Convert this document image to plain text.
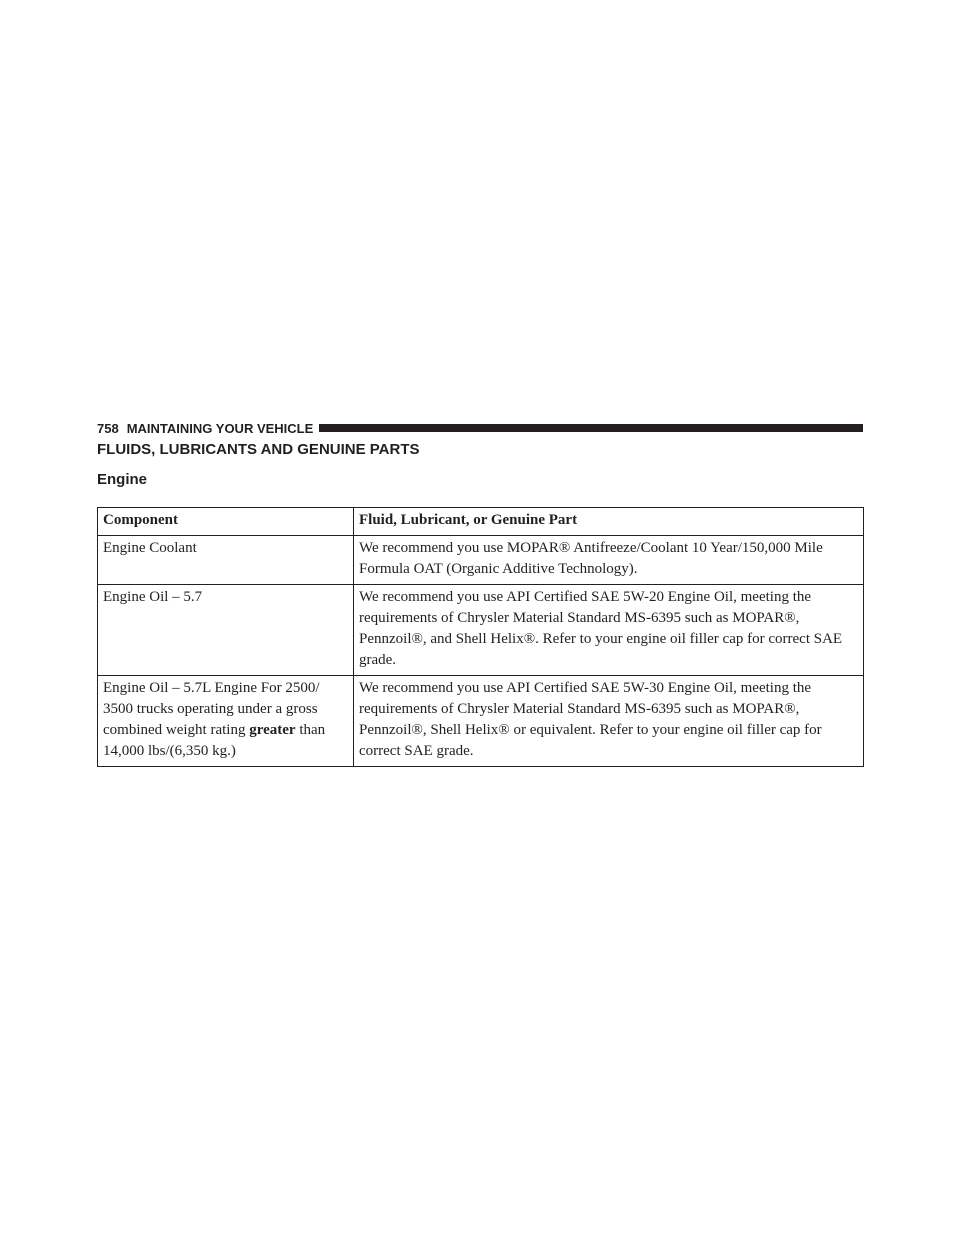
758 MAINTAINING YOUR VEHICLE
FLUIDS, LUBRICANTS AND GENUINE PARTS
Engine
Component	Fluid, Lubricant, or Genuine Part
Engine Coolant	We recommend you use MOPAR® Antifreeze/Coolant 10 Year/150,000 Mile Formula OAT (Organic Additive Technology).
Engine Oil – 5.7	We recommend you use API Certified SAE 5W-20 Engine Oil, meeting the requirements of Chrysler Material Standard MS-6395 such as MOPAR®, Pennzoil®, and Shell Helix®. Refer to your engine oil filler cap for correct SAE grade.
Engine Oil – 5.7L Engine For 2500/ 3500 trucks operating under a gross combined weight rating greater than 14,000 lbs/(6,350 kg.)	We recommend you use API Certified SAE 5W-30 Engine Oil, meeting the requirements of Chrysler Material Standard MS-6395 such as MOPAR®, Pennzoil®, Shell Helix® or equivalent. Refer to your engine oil filler cap for correct SAE grade.
